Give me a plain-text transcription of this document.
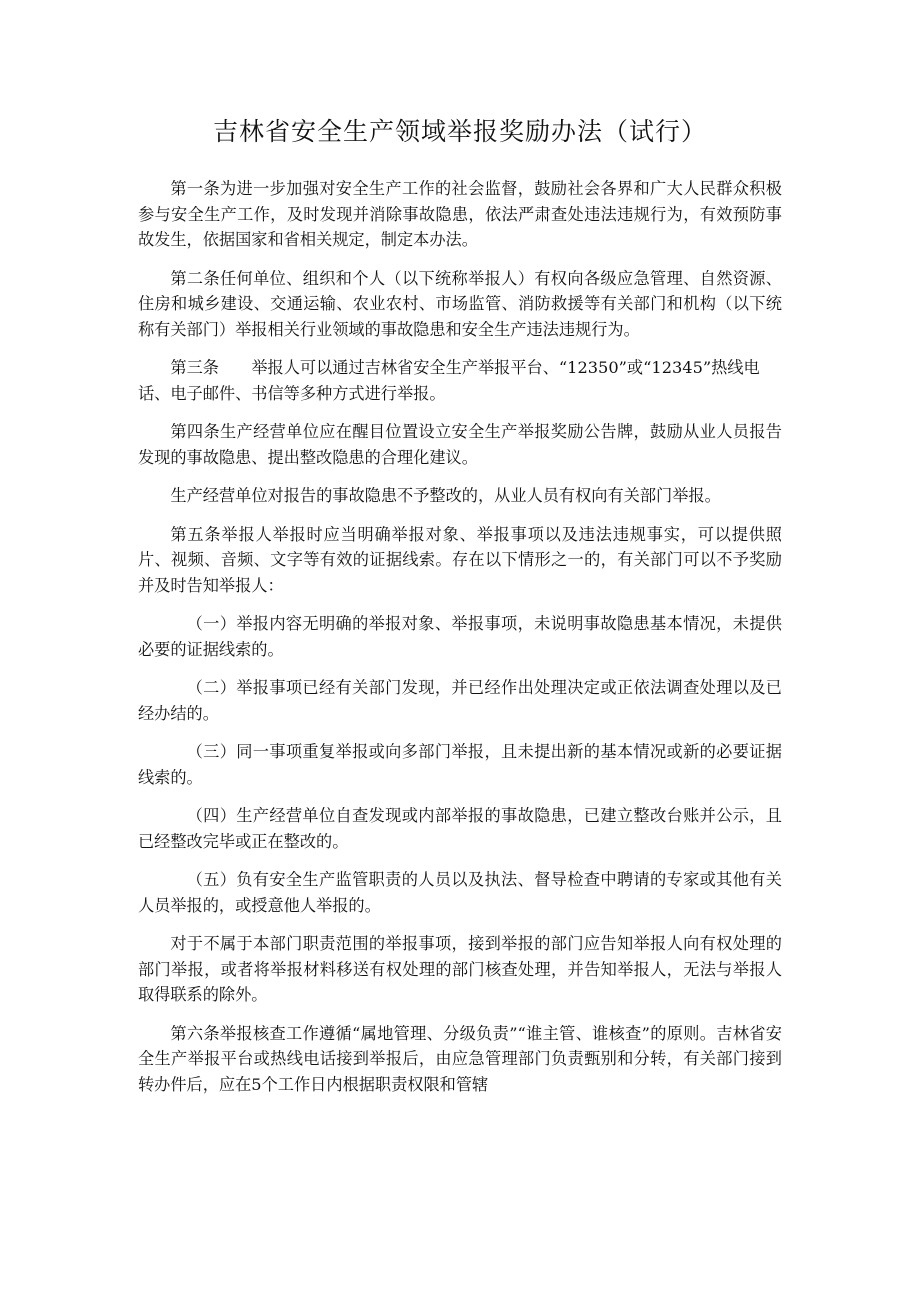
吉林省安全生产领域举报奖励办法（试行）

第一条为进一步加强对安全生产工作的社会监督，鼓励社会各界和广大人民群众积极参与安全生产工作，及时发现并消除事故隐患，依法严肃查处违法违规行为，有效预防事故发生，依据国家和省相关规定，制定本办法。

第二条任何单位、组织和个人（以下统称举报人）有权向各级应急管理、自然资源、住房和城乡建设、交通运输、农业农村、市场监管、消防救援等有关部门和机构（以下统称有关部门）举报相关行业领域的事故隐患和安全生产违法违规行为。

第三条　　举报人可以通过吉林省安全生产举报平台、“12350”或“12345”热线电话、电子邮件、书信等多种方式进行举报。

第四条生产经营单位应在醒目位置设立安全生产举报奖励公告牌，鼓励从业人员报告发现的事故隐患、提出整改隐患的合理化建议。

生产经营单位对报告的事故隐患不予整改的，从业人员有权向有关部门举报。

第五条举报人举报时应当明确举报对象、举报事项以及违法违规事实，可以提供照片、视频、音频、文字等有效的证据线索。存在以下情形之一的，有关部门可以不予奖励并及时告知举报人：

（一）举报内容无明确的举报对象、举报事项，未说明事故隐患基本情况，未提供必要的证据线索的。

（二）举报事项已经有关部门发现，并已经作出处理决定或正依法调查处理以及已经办结的。

（三）同一事项重复举报或向多部门举报，且未提出新的基本情况或新的必要证据线索的。

（四）生产经营单位自查发现或内部举报的事故隐患，已建立整改台账并公示，且已经整改完毕或正在整改的。

（五）负有安全生产监管职责的人员以及执法、督导检查中聘请的专家或其他有关人员举报的，或授意他人举报的。

对于不属于本部门职责范围的举报事项，接到举报的部门应告知举报人向有权处理的部门举报，或者将举报材料移送有权处理的部门核查处理，并告知举报人，无法与举报人取得联系的除外。

第六条举报核查工作遵循“属地管理、分级负责”“谁主管、谁核查”的原则。吉林省安全生产举报平台或热线电话接到举报后，由应急管理部门负责甄别和分转，有关部门接到转办件后，应在5个工作日内根据职责权限和管辖
